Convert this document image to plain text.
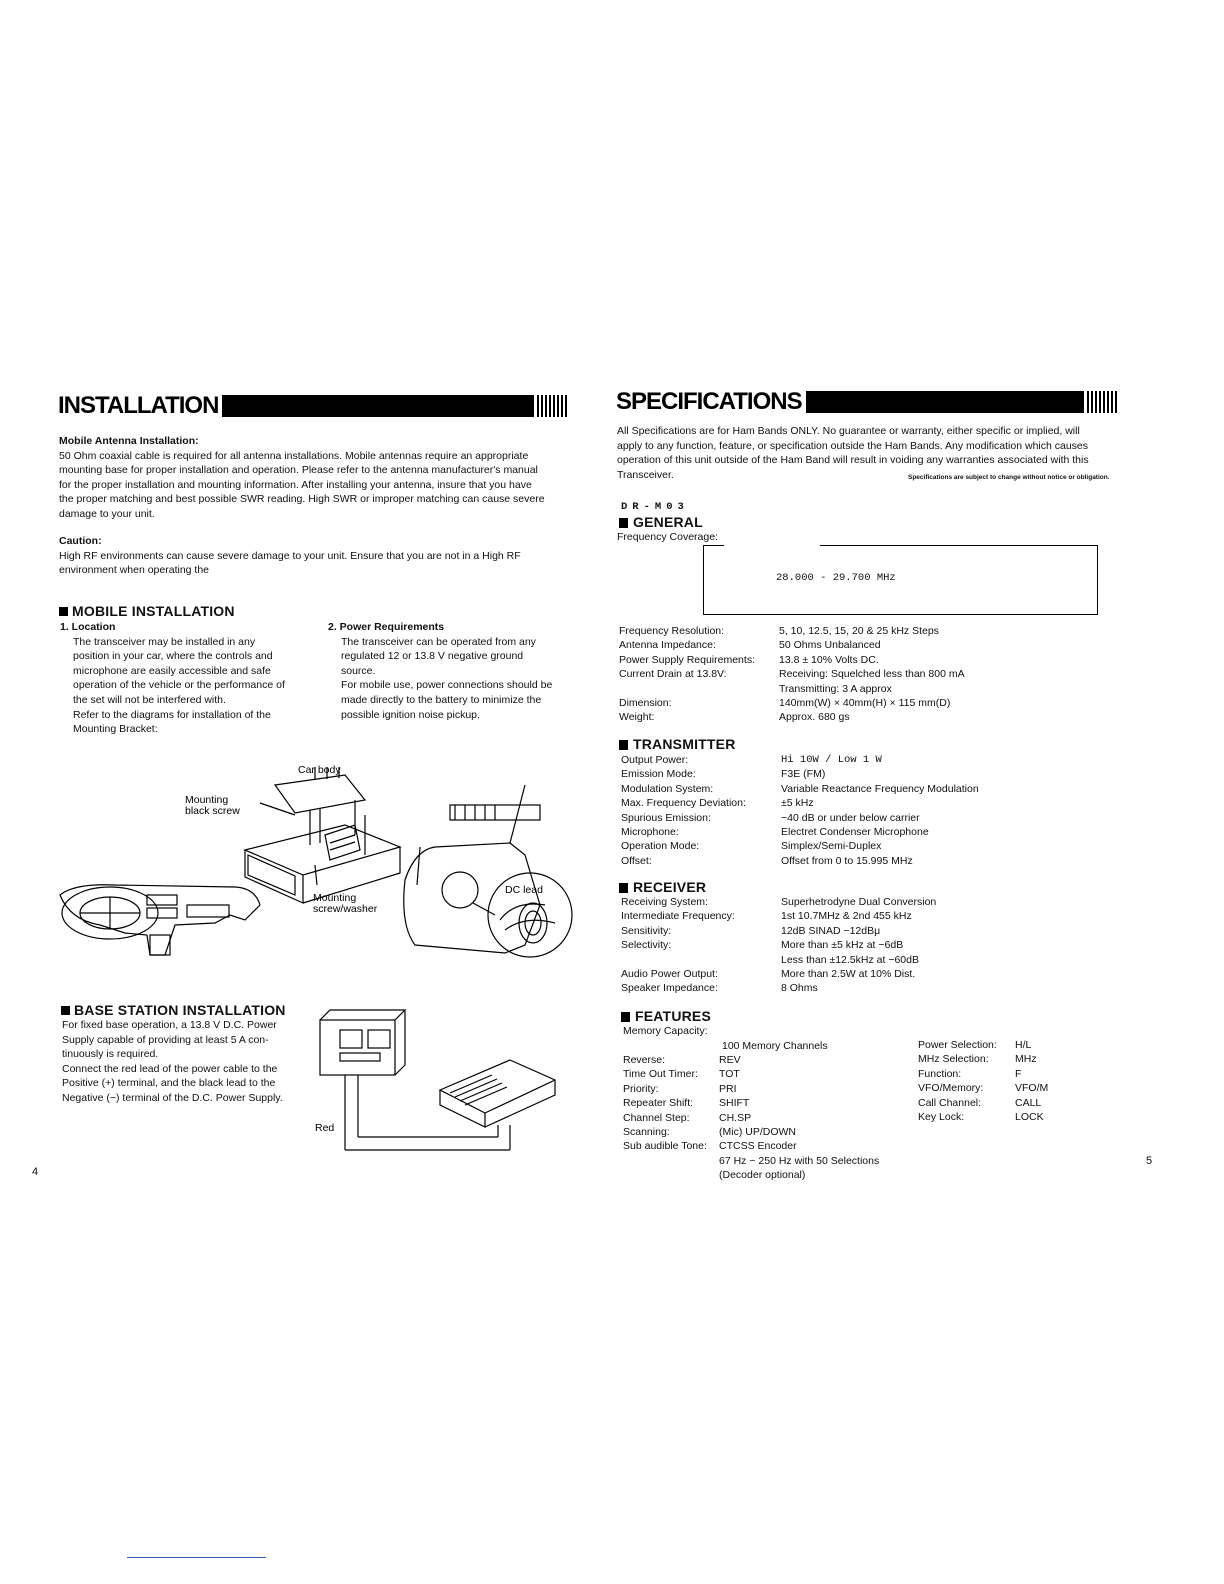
INSTALLATION
Mobile Antenna Installation:
50 Ohm coaxial cable is required for all antenna installations. Mobile antennas require an appropriate
mounting base for proper installation and operation. Please refer to the antenna manufacturer's manual
for the proper installation and mounting information. After installing your antenna, insure that you have
the proper matching and best possible SWR reading. High SWR or improper matching can cause severe
damage to your unit.
Caution:
High RF environments can cause severe damage to your unit. Ensure that you are not in a High RF
environment when operating the
MOBILE INSTALLATION
1. Location
The transceiver may be installed in any
position in your car, where the controls and
microphone are easily accessible and safe
operation of the vehicle or the performance of
the set will not be interfered with.
Refer to the diagrams for installation of the
Mounting Bracket:
2. Power Requirements
The transceiver can be operated from any
regulated 12 or 13.8 V negative ground
source.
For mobile use, power connections should be
made directly to the battery to minimize the
possible ignition noise pickup.
Car body
Mounting
black screw
Mounting
screw/washer
DC lead
BASE STATION INSTALLATION
For fixed base operation, a 13.8 V D.C. Power
Supply capable of providing at least 5 A con-
tinuously is required.
Connect the red lead of the power cable to the
Positive (+) terminal, and the black lead to the
Negative (−) terminal of the D.C. Power Supply.
Red
4
SPECIFICATIONS
All Specifications are for Ham Bands ONLY. No guarantee or warranty, either specific or implied, will
apply to any function, feature, or specification outside the Ham Bands. Any modification which causes
operation of this unit outside of the Ham Band will result in voiding any warranties associated with this
Transceiver.	Specifications are subject to change without notice or obligation.
DR-M03
GENERAL
Frequency Coverage:
28.000 - 29.700 MHz
Frequency Resolution:	5, 10, 12.5, 15, 20 & 25 kHz Steps
Antenna Impedance:	50 Ohms Unbalanced
Power Supply Requirements:	13.8 ± 10% Volts DC.
Current Drain at 13.8V:	Receiving: Squelched less than 800 mA
Transmitting: 3 A approx
Dimension:	140mm(W) × 40mm(H) × 115 mm(D)
Weight:	Approx. 680 gs
TRANSMITTER
Output Power:	Hi 10W / Low 1 W
Emission Mode:	F3E (FM)
Modulation System:	Variable Reactance Frequency Modulation
Max. Frequency Deviation:	±5 kHz
Spurious Emission:	−40 dB or under below carrier
Microphone:	Electret Condenser Microphone
Operation Mode:	Simplex/Semi-Duplex
Offset:	Offset from 0 to 15.995 MHz
RECEIVER
Receiving System:	Superhetrodyne Dual Conversion
Intermediate Frequency:	1st 10.7MHz & 2nd 455 kHz
Sensitivity:	12dB SINAD −12dBμ
Selectivity:	More than ±5 kHz at −6dB
Less than ±12.5kHz at −60dB
Audio Power Output:	More than 2.5W at 10% Dist.
Speaker Impedance:	8 Ohms
FEATURES
Memory Capacity:
100 Memory Channels
Reverse:	REV
Time Out Timer:	TOT
Priority:	PRI
Repeater Shift:	SHIFT
Channel Step:	CH.SP
Scanning:	(Mic) UP/DOWN
Sub audible Tone:	CTCSS Encoder
67 Hz ~ 250 Hz with 50 Selections
(Decoder optional)
Power Selection:	H/L
MHz Selection:	MHz
Function:	F
VFO/Memory:	VFO/M
Call Channel:	CALL
Key Lock:	LOCK
5
